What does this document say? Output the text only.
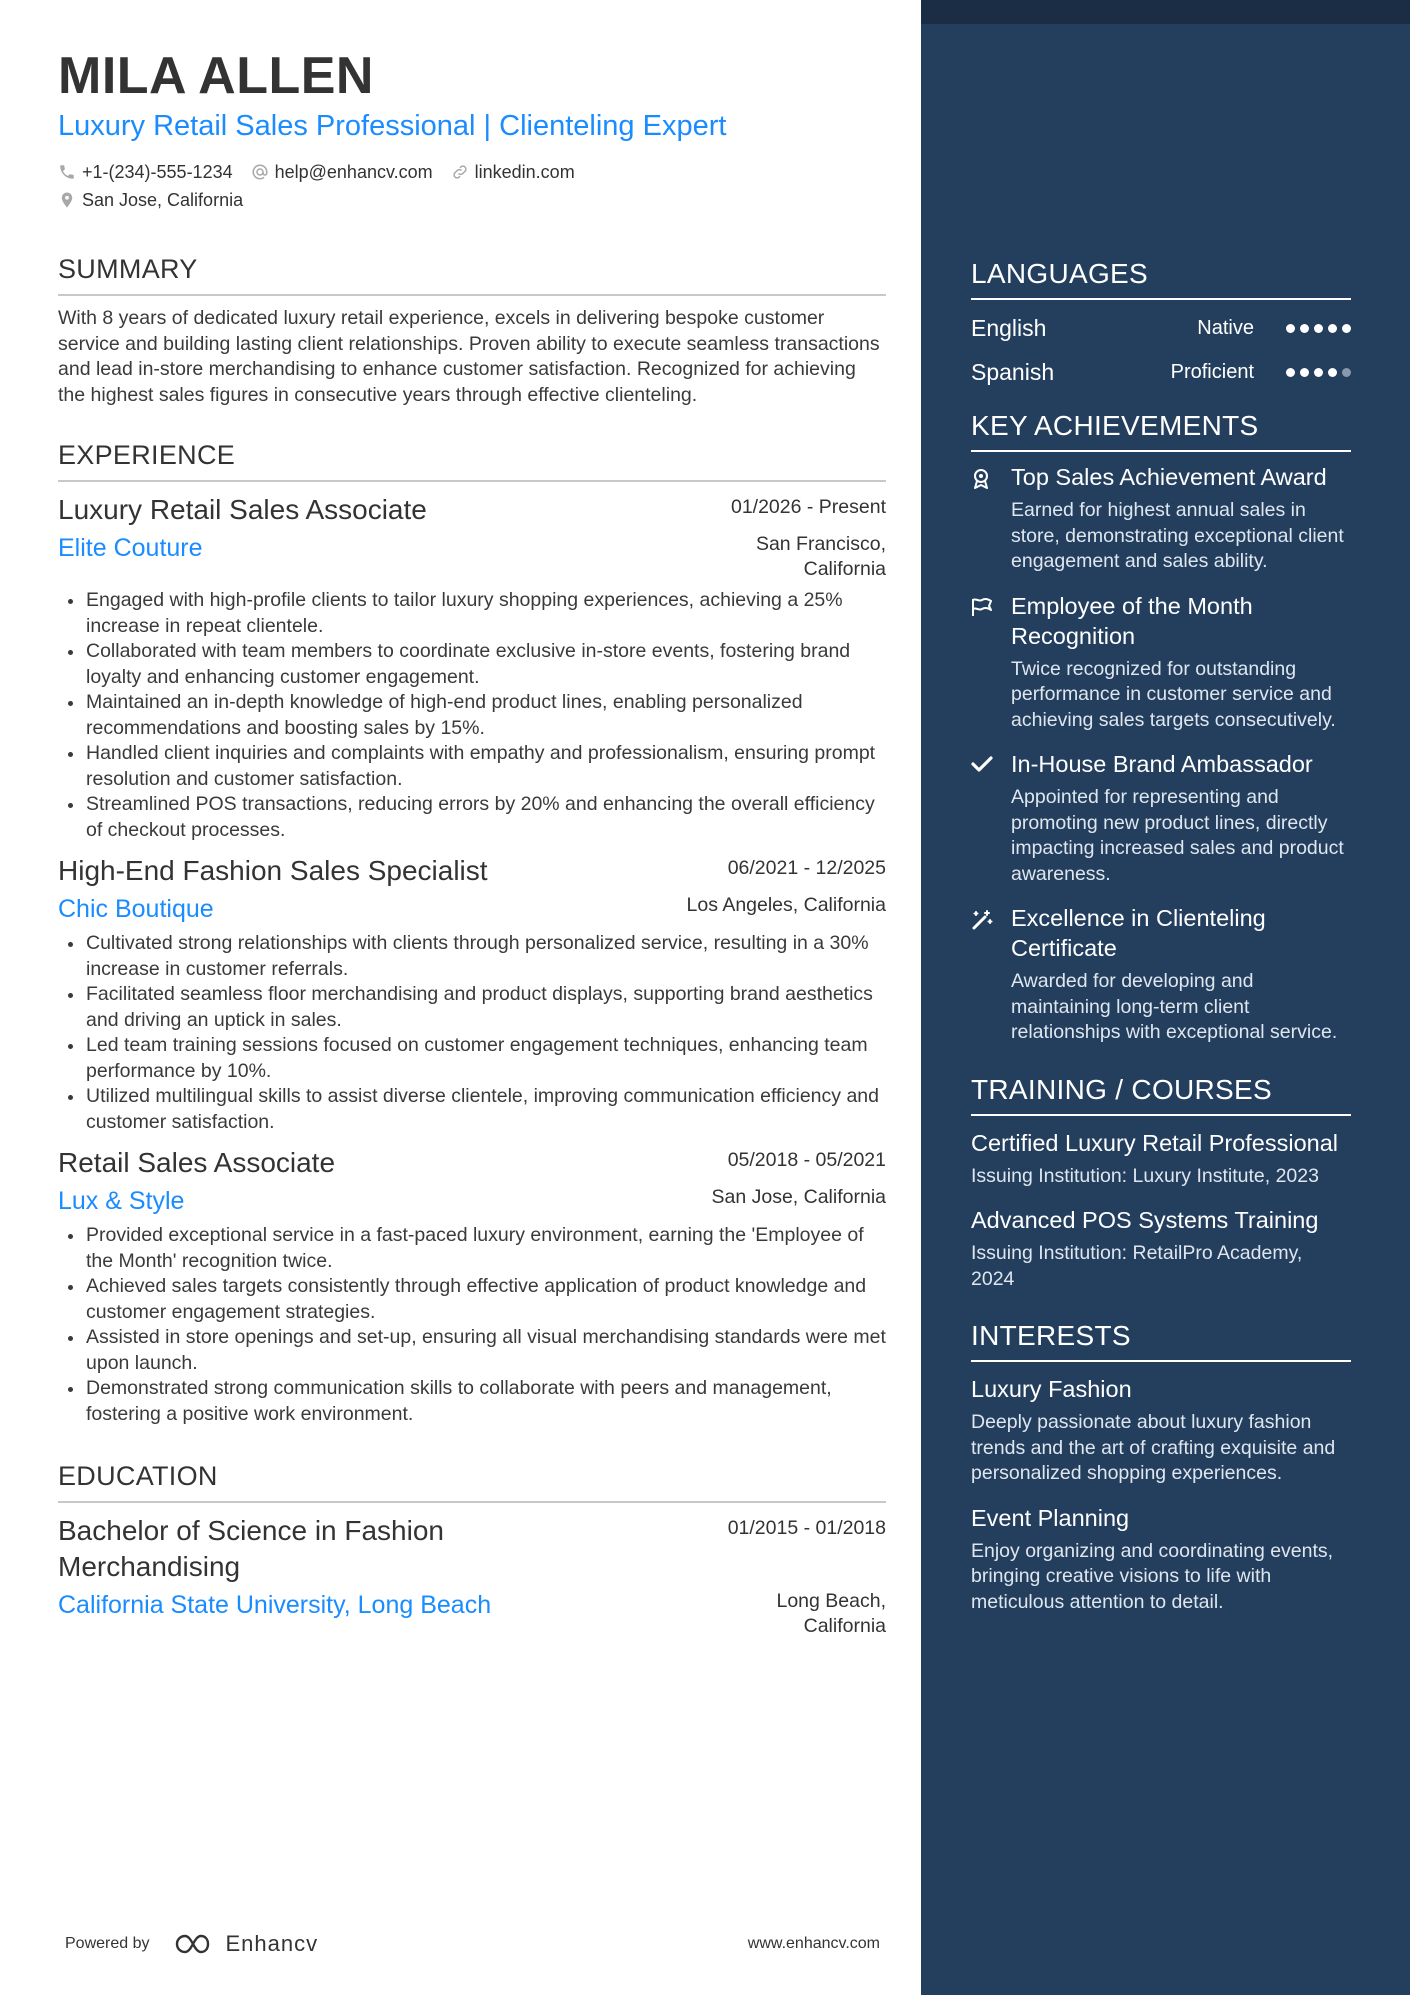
MILA ALLEN
Luxury Retail Sales Professional | Clienteling Expert
+1-(234)-555-1234 help@enhancv.com linkedin.com
San Jose, California
SUMMARY
With 8 years of dedicated luxury retail experience, excels in delivering bespoke customer service and building lasting client relationships. Proven ability to execute seamless transactions and lead in-store merchandising to enhance customer satisfaction. Recognized for achieving the highest sales figures in consecutive years through effective clienteling.
EXPERIENCE
Luxury Retail Sales Associate	01/2026 - Present
Elite Couture	San Francisco, California
Engaged with high-profile clients to tailor luxury shopping experiences, achieving a 25% increase in repeat clientele.
Collaborated with team members to coordinate exclusive in-store events, fostering brand loyalty and enhancing customer engagement.
Maintained an in-depth knowledge of high-end product lines, enabling personalized recommendations and boosting sales by 15%.
Handled client inquiries and complaints with empathy and professionalism, ensuring prompt resolution and customer satisfaction.
Streamlined POS transactions, reducing errors by 20% and enhancing the overall efficiency of checkout processes.
High-End Fashion Sales Specialist	06/2021 - 12/2025
Chic Boutique	Los Angeles, California
Cultivated strong relationships with clients through personalized service, resulting in a 30% increase in customer referrals.
Facilitated seamless floor merchandising and product displays, supporting brand aesthetics and driving an uptick in sales.
Led team training sessions focused on customer engagement techniques, enhancing team performance by 10%.
Utilized multilingual skills to assist diverse clientele, improving communication efficiency and customer satisfaction.
Retail Sales Associate	05/2018 - 05/2021
Lux & Style	San Jose, California
Provided exceptional service in a fast-paced luxury environment, earning the 'Employee of the Month' recognition twice.
Achieved sales targets consistently through effective application of product knowledge and customer engagement strategies.
Assisted in store openings and set-up, ensuring all visual merchandising standards were met upon launch.
Demonstrated strong communication skills to collaborate with peers and management, fostering a positive work environment.
EDUCATION
Bachelor of Science in Fashion Merchandising
01/2015 - 01/2018
California State University, Long Beach	Long Beach, California
Powered by	Enhancv	www.enhancv.com
LANGUAGES
English	Native
Spanish	Proficient
KEY ACHIEVEMENTS
Top Sales Achievement Award
Earned for highest annual sales in store, demonstrating exceptional client engagement and sales ability.
Employee of the Month Recognition
Twice recognized for outstanding performance in customer service and achieving sales targets consecutively.
In-House Brand Ambassador
Appointed for representing and promoting new product lines, directly impacting increased sales and product awareness.
Excellence in Clienteling Certificate
Awarded for developing and maintaining long-term client relationships with exceptional service.
TRAINING / COURSES
Certified Luxury Retail Professional
Issuing Institution: Luxury Institute, 2023
Advanced POS Systems Training
Issuing Institution: RetailPro Academy, 2024
INTERESTS
Luxury Fashion
Deeply passionate about luxury fashion trends and the art of crafting exquisite and personalized shopping experiences.
Event Planning
Enjoy organizing and coordinating events, bringing creative visions to life with meticulous attention to detail.
